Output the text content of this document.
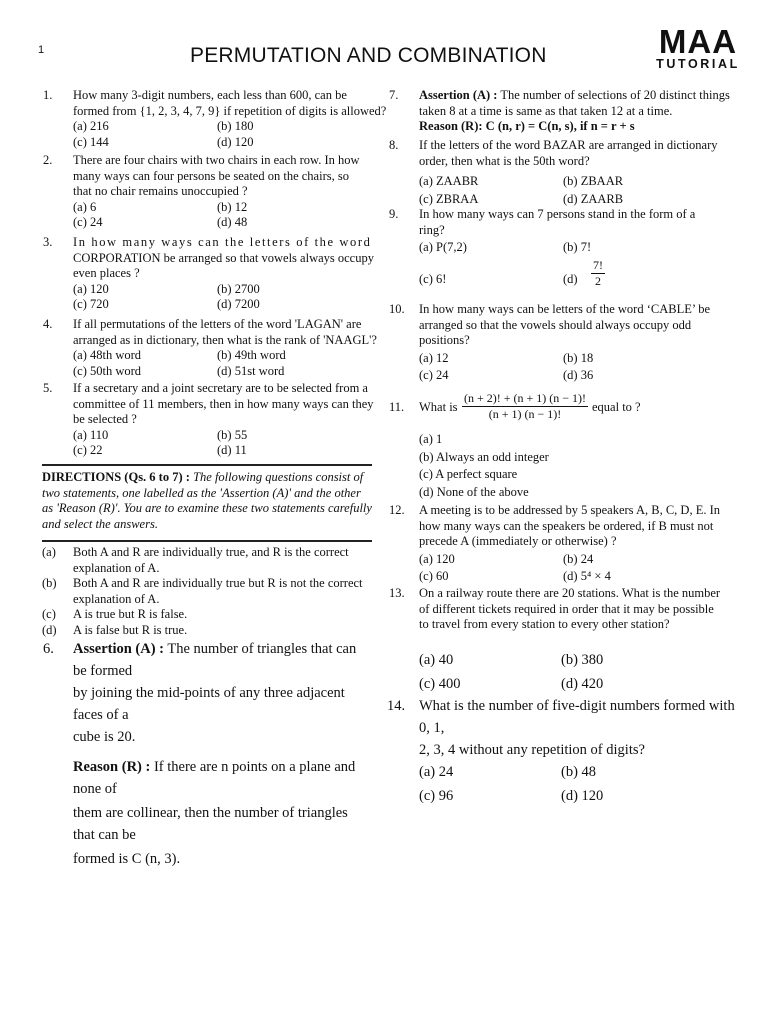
1	PERMUTATION AND COMBINATION	MAA
TUTORIAL
1. How many 3-digit numbers, each less than 600, can be
formed from {1, 2, 3, 4, 7, 9} if repetition of digits is allowed?
(a) 216	(b) 180
(c) 144	(d) 120
2. There are four chairs with two chairs in each row. In how
many ways can four persons be seated on the chairs, so
that no chair remains unoccupied ?
(a) 6	(b) 12
(c) 24	(d) 48
3. In how many ways can the letters of the word
CORPORATION be arranged so that vowels always occupy
even places ?
(a) 120	(b) 2700
(c) 720	(d) 7200
4. If all permutations of the letters of the word 'LAGAN' are
arranged as in dictionary, then what is the rank of 'NAAGL'?
(a) 48th word	(b) 49th word
(c) 50th word	(d) 51st word
5. If a secretary and a joint secretary are to be selected from a
committee of 11 members, then in how many ways can they
be selected ?
(a) 110	(b) 55
(c) 22	(d) 11
DIRECTIONS (Qs. 6 to 7) : The following questions consist of two statements, one labelled as the 'Assertion (A)' and the other as 'Reason (R)'. You are to examine these two statements carefully and select the answers.
(a) Both A and R are individually true, and R is the correct
explanation of A.
(b) Both A and R are individually true but R is not the correct
explanation of A.
(c) A is true but R is false.
(d) A is false but R is true.
6. Assertion (A) : The number of triangles that can be formed
by joining the mid-points of any three adjacent faces of a
cube is 20.
Reason (R) : If there are n points on a plane and none of
them are collinear, then the number of triangles that can be
formed is C (n, 3).
7. Assertion (A) : The number of selections of 20 distinct things
taken 8 at a time is same as that taken 12 at a time.
Reason (R): C (n, r) = C(n, s), if n = r + s
8. If the letters of the word BAZAR are arranged in dictionary
order, then what is the 50th word?
(a) ZAABR	(b) ZBAAR
(c) ZBRAA	(d) ZAARB
9. In how many ways can 7 persons stand in the form of a
ring?
(a) P(7,2)	(b) 7!
(c) 6!	$(d) \frac{7!}{2}$
10. In how many ways can be letters of the word ‘CABLE’ be
arranged so that the vowels should always occupy odd
positions?
(a) 12	(b) 18
(c) 24	(d) 36
11. What is $\frac{(n + 2)! + (n + 1) (n - 1)!}{(n + 1) (n - 1)!}$ equal to ?
(a) 1
(b) Always an odd integer
(c) A perfect square
(d) None of the above
12. A meeting is to be addressed by 5 speakers A, B, C, D, E. In
how many ways can the speakers be ordered, if B must not
precede A (immediately or otherwise) ?
(a) 120	(b) 24
(c) 60	(d) 5⁴ × 4
13. On a railway route there are 20 stations. What is the number
of different tickets required in order that it may be possible
to travel from every station to every other station?
(a) 40	(b) 380
(c) 400	(d) 420
14. What is the number of five-digit numbers formed with 0, 1,
2, 3, 4 without any repetition of digits?
(a) 24	(b) 48
(c) 96	(d) 120
